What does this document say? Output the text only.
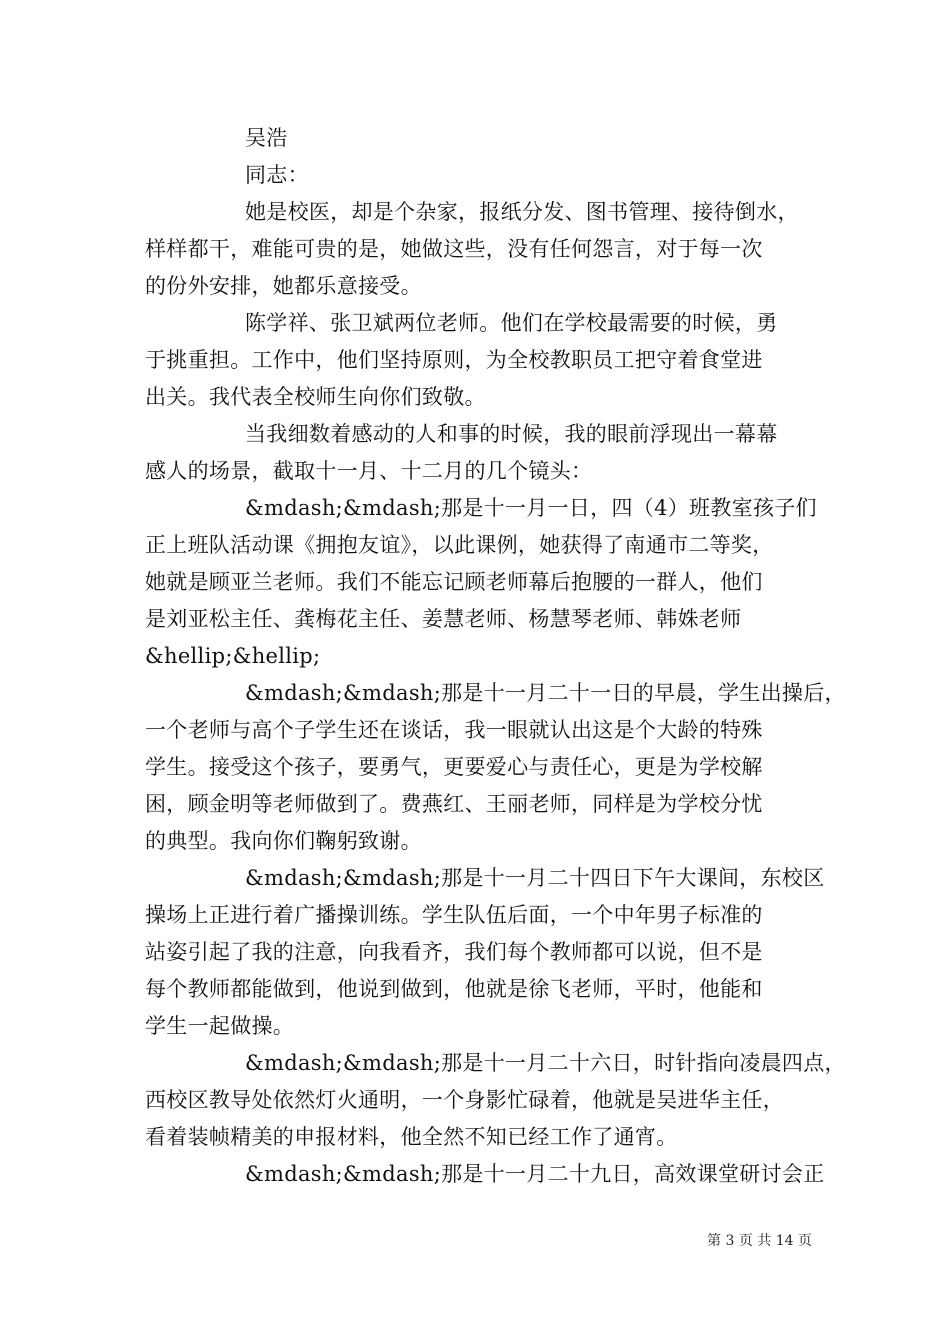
吴浩

同志：

她是校医，却是个杂家，报纸分发、图书管理、接待倒水，

样样都干，难能可贵的是，她做这些，没有任何怨言，对于每一次

的份外安排，她都乐意接受。

陈学祥、张卫斌两位老师。他们在学校最需要的时候，勇

于挑重担。工作中，他们坚持原则，为全校教职员工把守着食堂进

出关。我代表全校师生向你们致敬。

当我细数着感动的人和事的时候，我的眼前浮现出一幕幕

感人的场景，截取十一月、十二月的几个镜头：

&mdash;&mdash;那是十一月一日，四（4）班教室孩子们

正上班队活动课《拥抱友谊》，以此课例，她获得了南通市二等奖，

她就是顾亚兰老师。我们不能忘记顾老师幕后抱腰的一群人，他们

是刘亚松主任、龚梅花主任、姜慧老师、杨慧琴老师、韩姝老师

&hellip;&hellip;

&mdash;&mdash;那是十一月二十一日的早晨，学生出操后，

一个老师与高个子学生还在谈话，我一眼就认出这是个大龄的特殊

学生。接受这个孩子，要勇气，更要爱心与责任心，更是为学校解

困，顾金明等老师做到了。费燕红、王丽老师，同样是为学校分忧

的典型。我向你们鞠躬致谢。

&mdash;&mdash;那是十一月二十四日下午大课间，东校区

操场上正进行着广播操训练。学生队伍后面，一个中年男子标准的

站姿引起了我的注意，向我看齐，我们每个教师都可以说，但不是

每个教师都能做到，他说到做到，他就是徐飞老师，平时，他能和

学生一起做操。

&mdash;&mdash;那是十一月二十六日，时针指向凌晨四点，

西校区教导处依然灯火通明，一个身影忙碌着，他就是吴进华主任，

看着装帧精美的申报材料，他全然不知已经工作了通宵。

&mdash;&mdash;那是十一月二十九日，高效课堂研讨会正

第 3 页 共 14 页
